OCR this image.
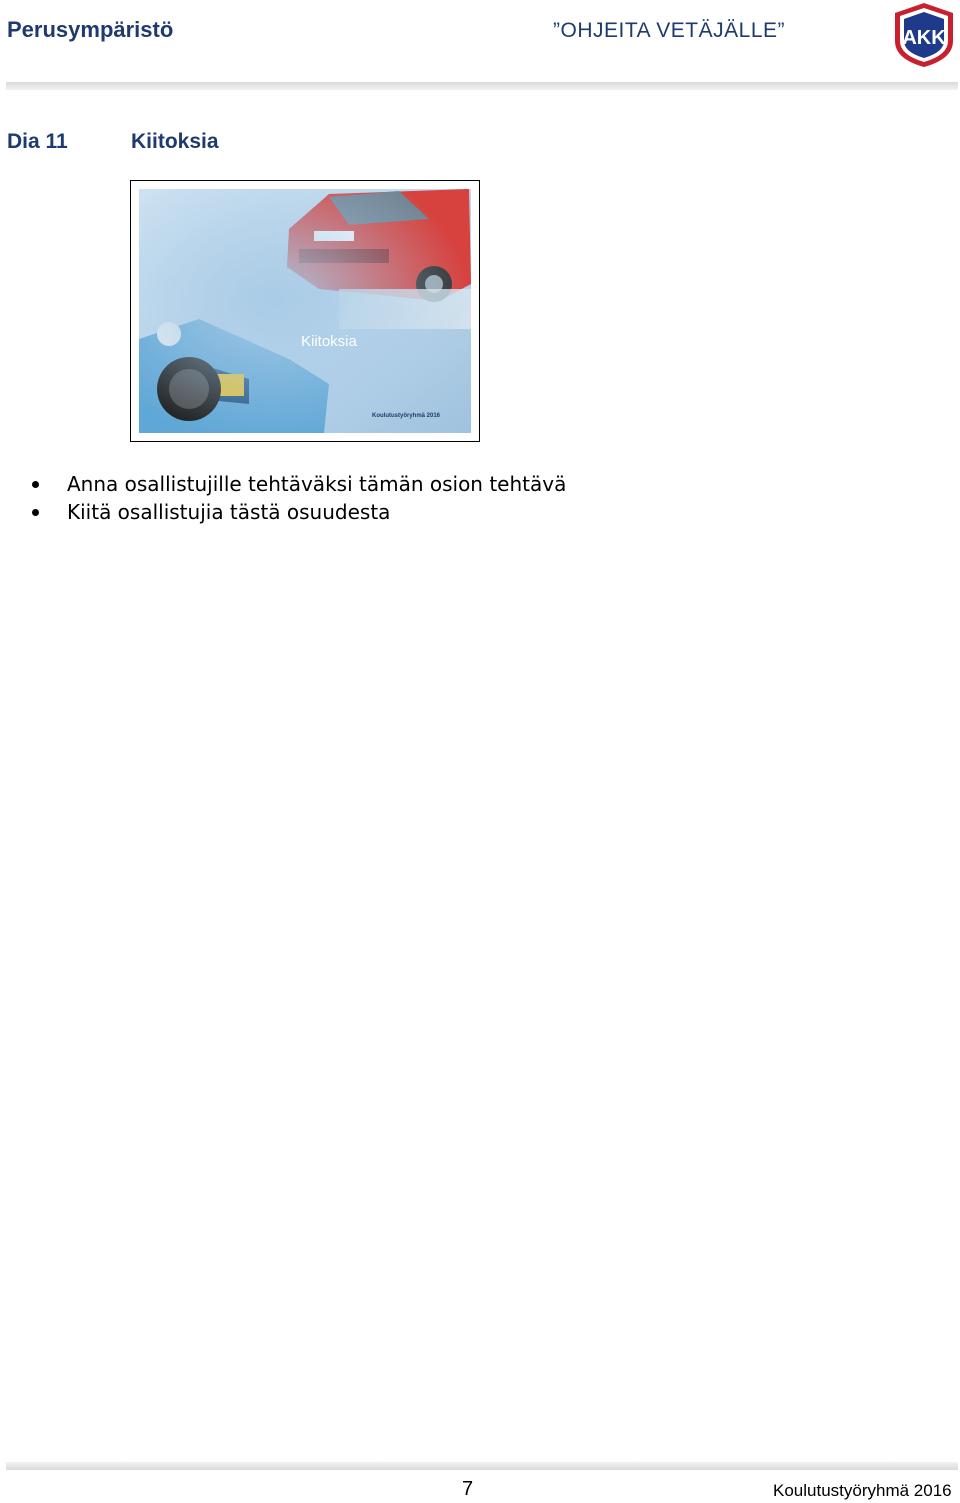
Perusympäristö	”OHJEITA VETÄJÄLLE”	AKK
Dia 11	Kiitoksia
Kiitoksia
Koulutustyöryhmä 2016
Anna osallistujille tehtäväksi tämän osion tehtävä
Kiitä osallistujia tästä osuudesta
7	Koulutustyöryhmä 2016
